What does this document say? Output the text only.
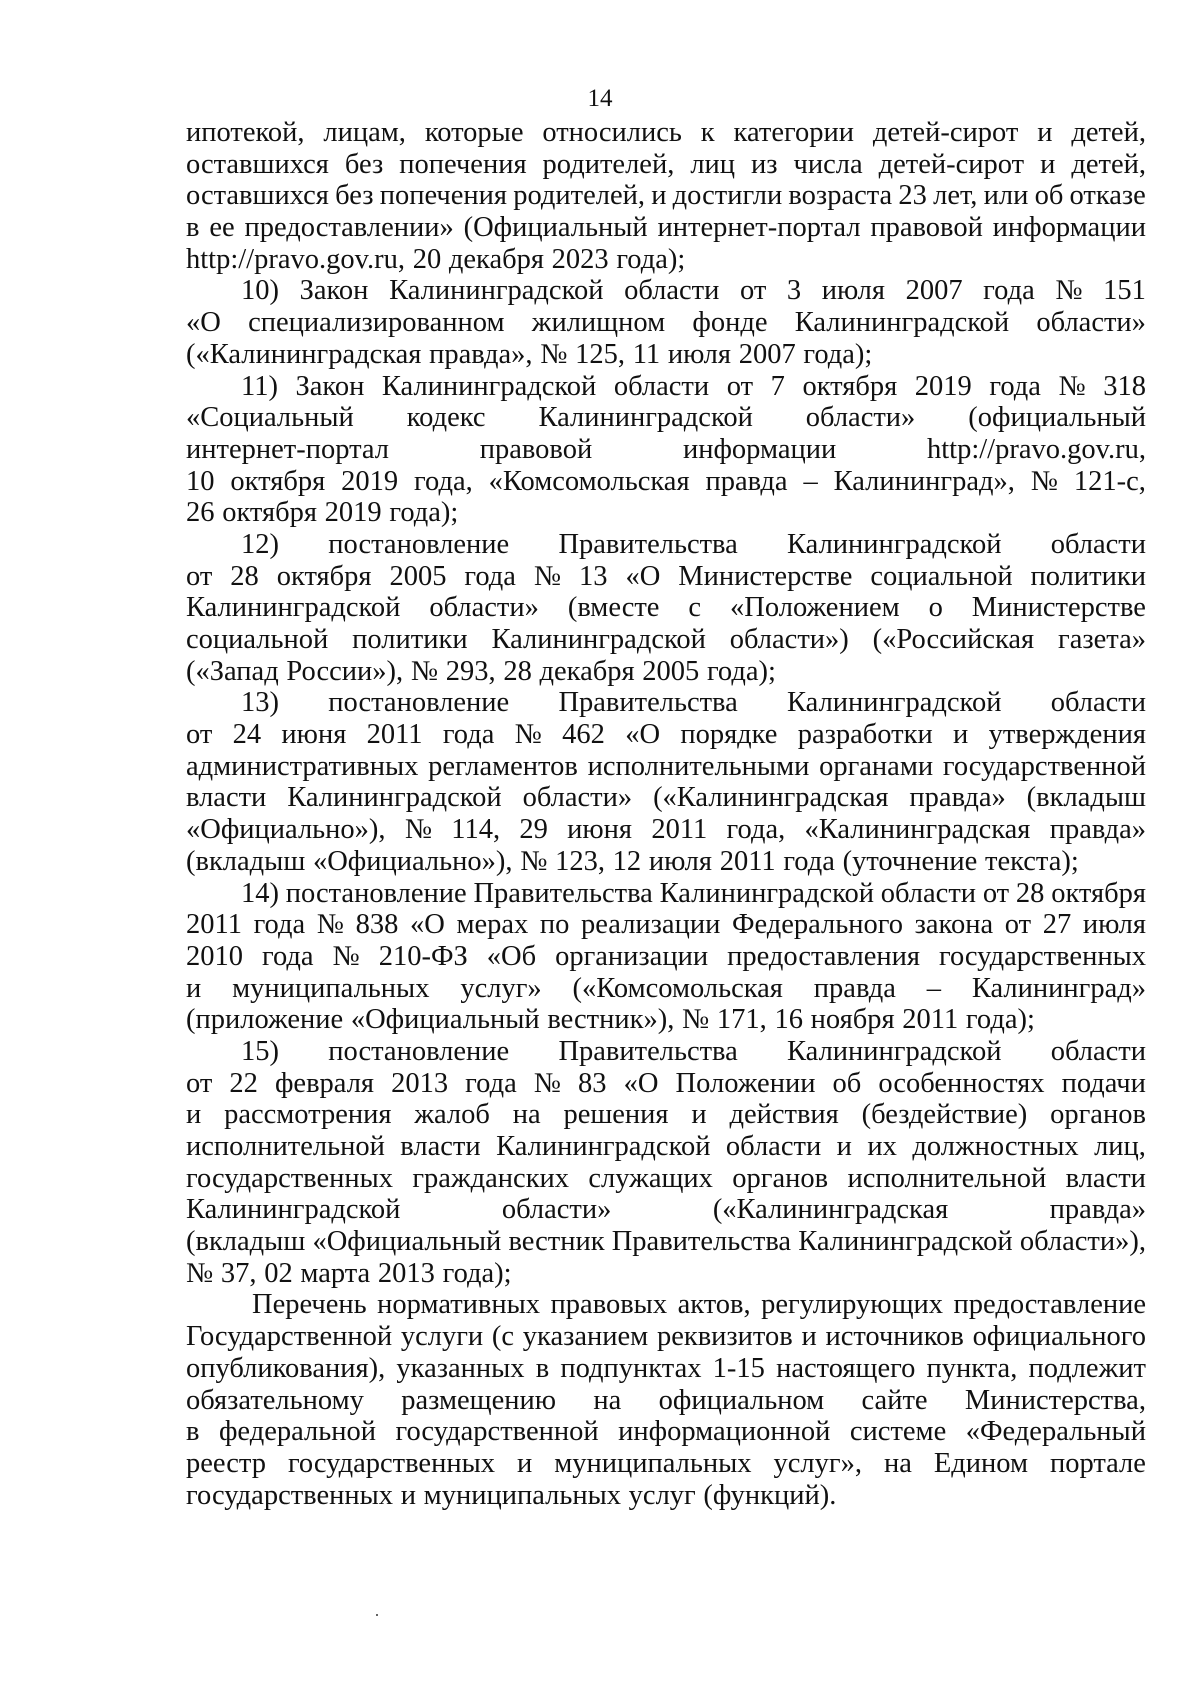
14
ипотекой, лицам, которые относились к категории детей-сирот и детей,
оставшихся без попечения родителей, лиц из числа детей-сирот и детей,
оставшихся без попечения родителей, и достигли возраста 23 лет, или об отказе
в ее предоставлении» (Официальный интернет-портал правовой информации
http://pravo.gov.ru, 20 декабря 2023 года);
10) Закон Калининградской области от 3 июля 2007 года № 151
«О специализированном жилищном фонде Калининградской области»
(«Калининградская правда», № 125, 11 июля 2007 года);
11) Закон Калининградской области от 7 октября 2019 года № 318
«Социальный кодекс Калининградской области» (официальный
интернет-портал	правовой	информации	http://pravo.gov.ru,
10 октября 2019 года, «Комсомольская правда – Калининград», № 121-с,
26 октября 2019 года);
12) постановление Правительства Калининградской области
от 28 октября 2005 года № 13 «О Министерстве социальной политики
Калининградской области» (вместе с «Положением о Министерстве
социальной политики Калининградской области») («Российская газета»
(«Запад России»), № 293, 28 декабря 2005 года);
13) постановление Правительства Калининградской области
от 24 июня 2011 года № 462 «О порядке разработки и утверждения
административных регламентов исполнительными органами государственной
власти Калининградской области» («Калининградская правда» (вкладыш
«Официально»), № 114, 29 июня 2011 года, «Калининградская правда»
(вкладыш «Официально»), № 123, 12 июля 2011 года (уточнение текста);
14) постановление Правительства Калининградской области от 28 октября
2011 года № 838 «О мерах по реализации Федерального закона от 27 июля
2010 года № 210-ФЗ «Об организации предоставления государственных
и муниципальных услуг» («Комсомольская правда – Калининград»
(приложение «Официальный вестник»), № 171, 16 ноября 2011 года);
15) постановление Правительства Калининградской области
от 22 февраля 2013 года № 83 «О Положении об особенностях подачи
и рассмотрения жалоб на решения и действия (бездействие) органов
исполнительной власти Калининградской области и их должностных лиц,
государственных гражданских служащих органов исполнительной власти
Калининградской	области»	(«Калининградская	правда»
(вкладыш «Официальный вестник Правительства Калининградской области»),
№ 37, 02 марта 2013 года);
Перечень нормативных правовых актов, регулирующих предоставление
Государственной услуги (с указанием реквизитов и источников официального
опубликования), указанных в подпунктах 1-15 настоящего пункта, подлежит
обязательному размещению на официальном сайте Министерства,
в федеральной государственной информационной системе «Федеральный
реестр государственных и муниципальных услуг», на Едином портале
государственных и муниципальных услуг (функций).
